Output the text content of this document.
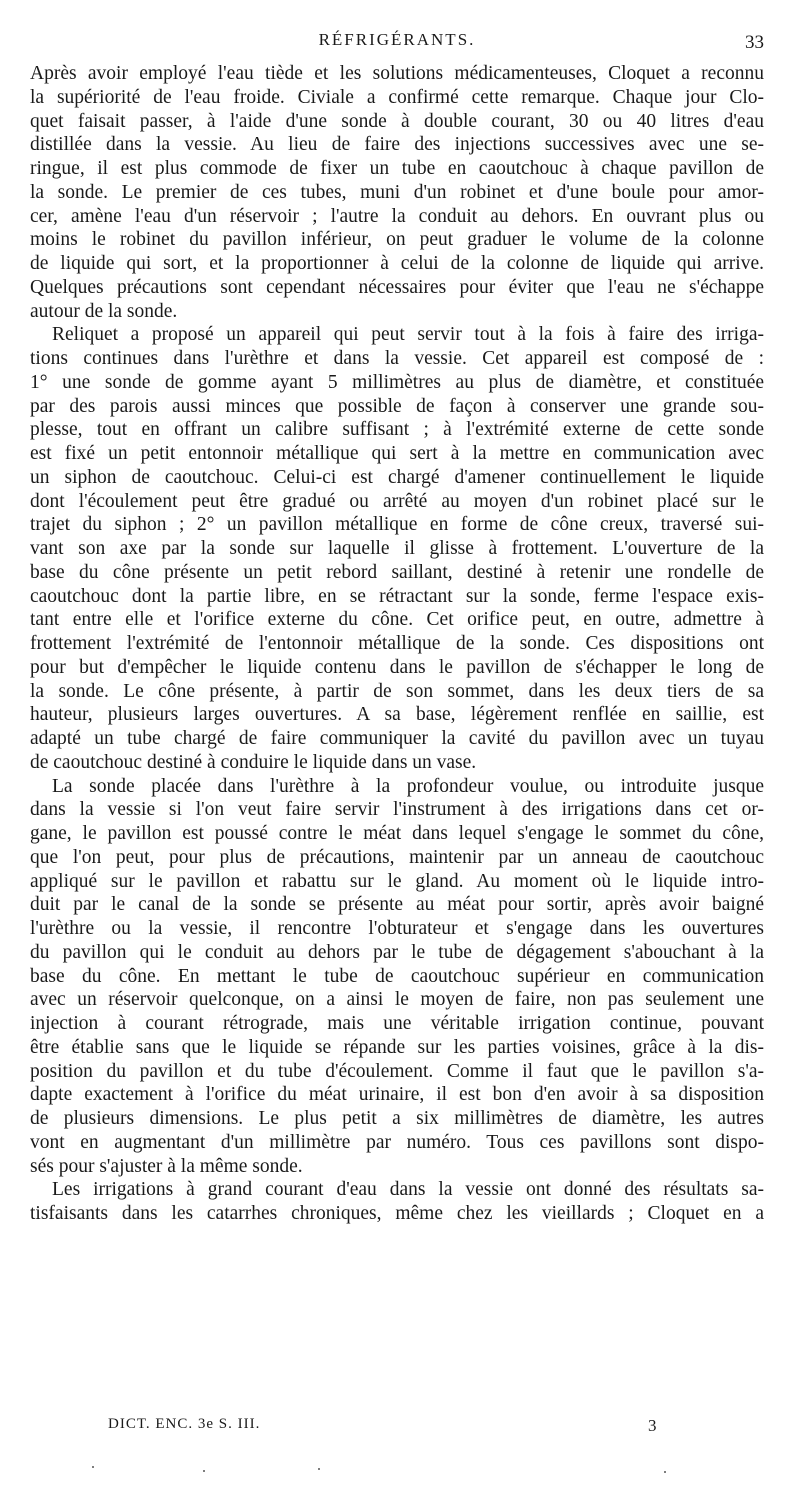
RÉFRIGÉRANTS.	33
Après avoir employé l'eau tiède et les solutions médicamenteuses, Cloquet a reconnu
la supériorité de l'eau froide. Civiale a confirmé cette remarque. Chaque jour Clo-
quet faisait passer, à l'aide d'une sonde à double courant, 30 ou 40 litres d'eau
distillée dans la vessie. Au lieu de faire des injections successives avec une se-
ringue, il est plus commode de fixer un tube en caoutchouc à chaque pavillon de
la sonde. Le premier de ces tubes, muni d'un robinet et d'une boule pour amor-
cer, amène l'eau d'un réservoir ; l'autre la conduit au dehors. En ouvrant plus ou
moins le robinet du pavillon inférieur, on peut graduer le volume de la colonne
de liquide qui sort, et la proportionner à celui de la colonne de liquide qui arrive.
Quelques précautions sont cependant nécessaires pour éviter que l'eau ne s'échappe
autour de la sonde.
Reliquet a proposé un appareil qui peut servir tout à la fois à faire des irriga-
tions continues dans l'urèthre et dans la vessie. Cet appareil est composé de :
1° une sonde de gomme ayant 5 millimètres au plus de diamètre, et constituée
par des parois aussi minces que possible de façon à conserver une grande sou-
plesse, tout en offrant un calibre suffisant ; à l'extrémité externe de cette sonde
est fixé un petit entonnoir métallique qui sert à la mettre en communication avec
un siphon de caoutchouc. Celui-ci est chargé d'amener continuellement le liquide
dont l'écoulement peut être gradué ou arrêté au moyen d'un robinet placé sur le
trajet du siphon ; 2° un pavillon métallique en forme de cône creux, traversé sui-
vant son axe par la sonde sur laquelle il glisse à frottement. L'ouverture de la
base du cône présente un petit rebord saillant, destiné à retenir une rondelle de
caoutchouc dont la partie libre, en se rétractant sur la sonde, ferme l'espace exis-
tant entre elle et l'orifice externe du cône. Cet orifice peut, en outre, admettre à
frottement l'extrémité de l'entonnoir métallique de la sonde. Ces dispositions ont
pour but d'empêcher le liquide contenu dans le pavillon de s'échapper le long de
la sonde. Le cône présente, à partir de son sommet, dans les deux tiers de sa
hauteur, plusieurs larges ouvertures. A sa base, légèrement renflée en saillie, est
adapté un tube chargé de faire communiquer la cavité du pavillon avec un tuyau
de caoutchouc destiné à conduire le liquide dans un vase.
La sonde placée dans l'urèthre à la profondeur voulue, ou introduite jusque
dans la vessie si l'on veut faire servir l'instrument à des irrigations dans cet or-
gane, le pavillon est poussé contre le méat dans lequel s'engage le sommet du cône,
que l'on peut, pour plus de précautions, maintenir par un anneau de caoutchouc
appliqué sur le pavillon et rabattu sur le gland. Au moment où le liquide intro-
duit par le canal de la sonde se présente au méat pour sortir, après avoir baigné
l'urèthre ou la vessie, il rencontre l'obturateur et s'engage dans les ouvertures
du pavillon qui le conduit au dehors par le tube de dégagement s'abouchant à la
base du cône. En mettant le tube de caoutchouc supérieur en communication
avec un réservoir quelconque, on a ainsi le moyen de faire, non pas seulement une
injection à courant rétrograde, mais une véritable irrigation continue, pouvant
être établie sans que le liquide se répande sur les parties voisines, grâce à la dis-
position du pavillon et du tube d'écoulement. Comme il faut que le pavillon s'a-
dapte exactement à l'orifice du méat urinaire, il est bon d'en avoir à sa disposition
de plusieurs dimensions. Le plus petit a six millimètres de diamètre, les autres
vont en augmentant d'un millimètre par numéro. Tous ces pavillons sont dispo-
sés pour s'ajuster à la même sonde.
Les irrigations à grand courant d'eau dans la vessie ont donné des résultats sa-
tisfaisants dans les catarrhes chroniques, même chez les vieillards ; Cloquet en a
DICT. ENC. 3e S. III.	3
